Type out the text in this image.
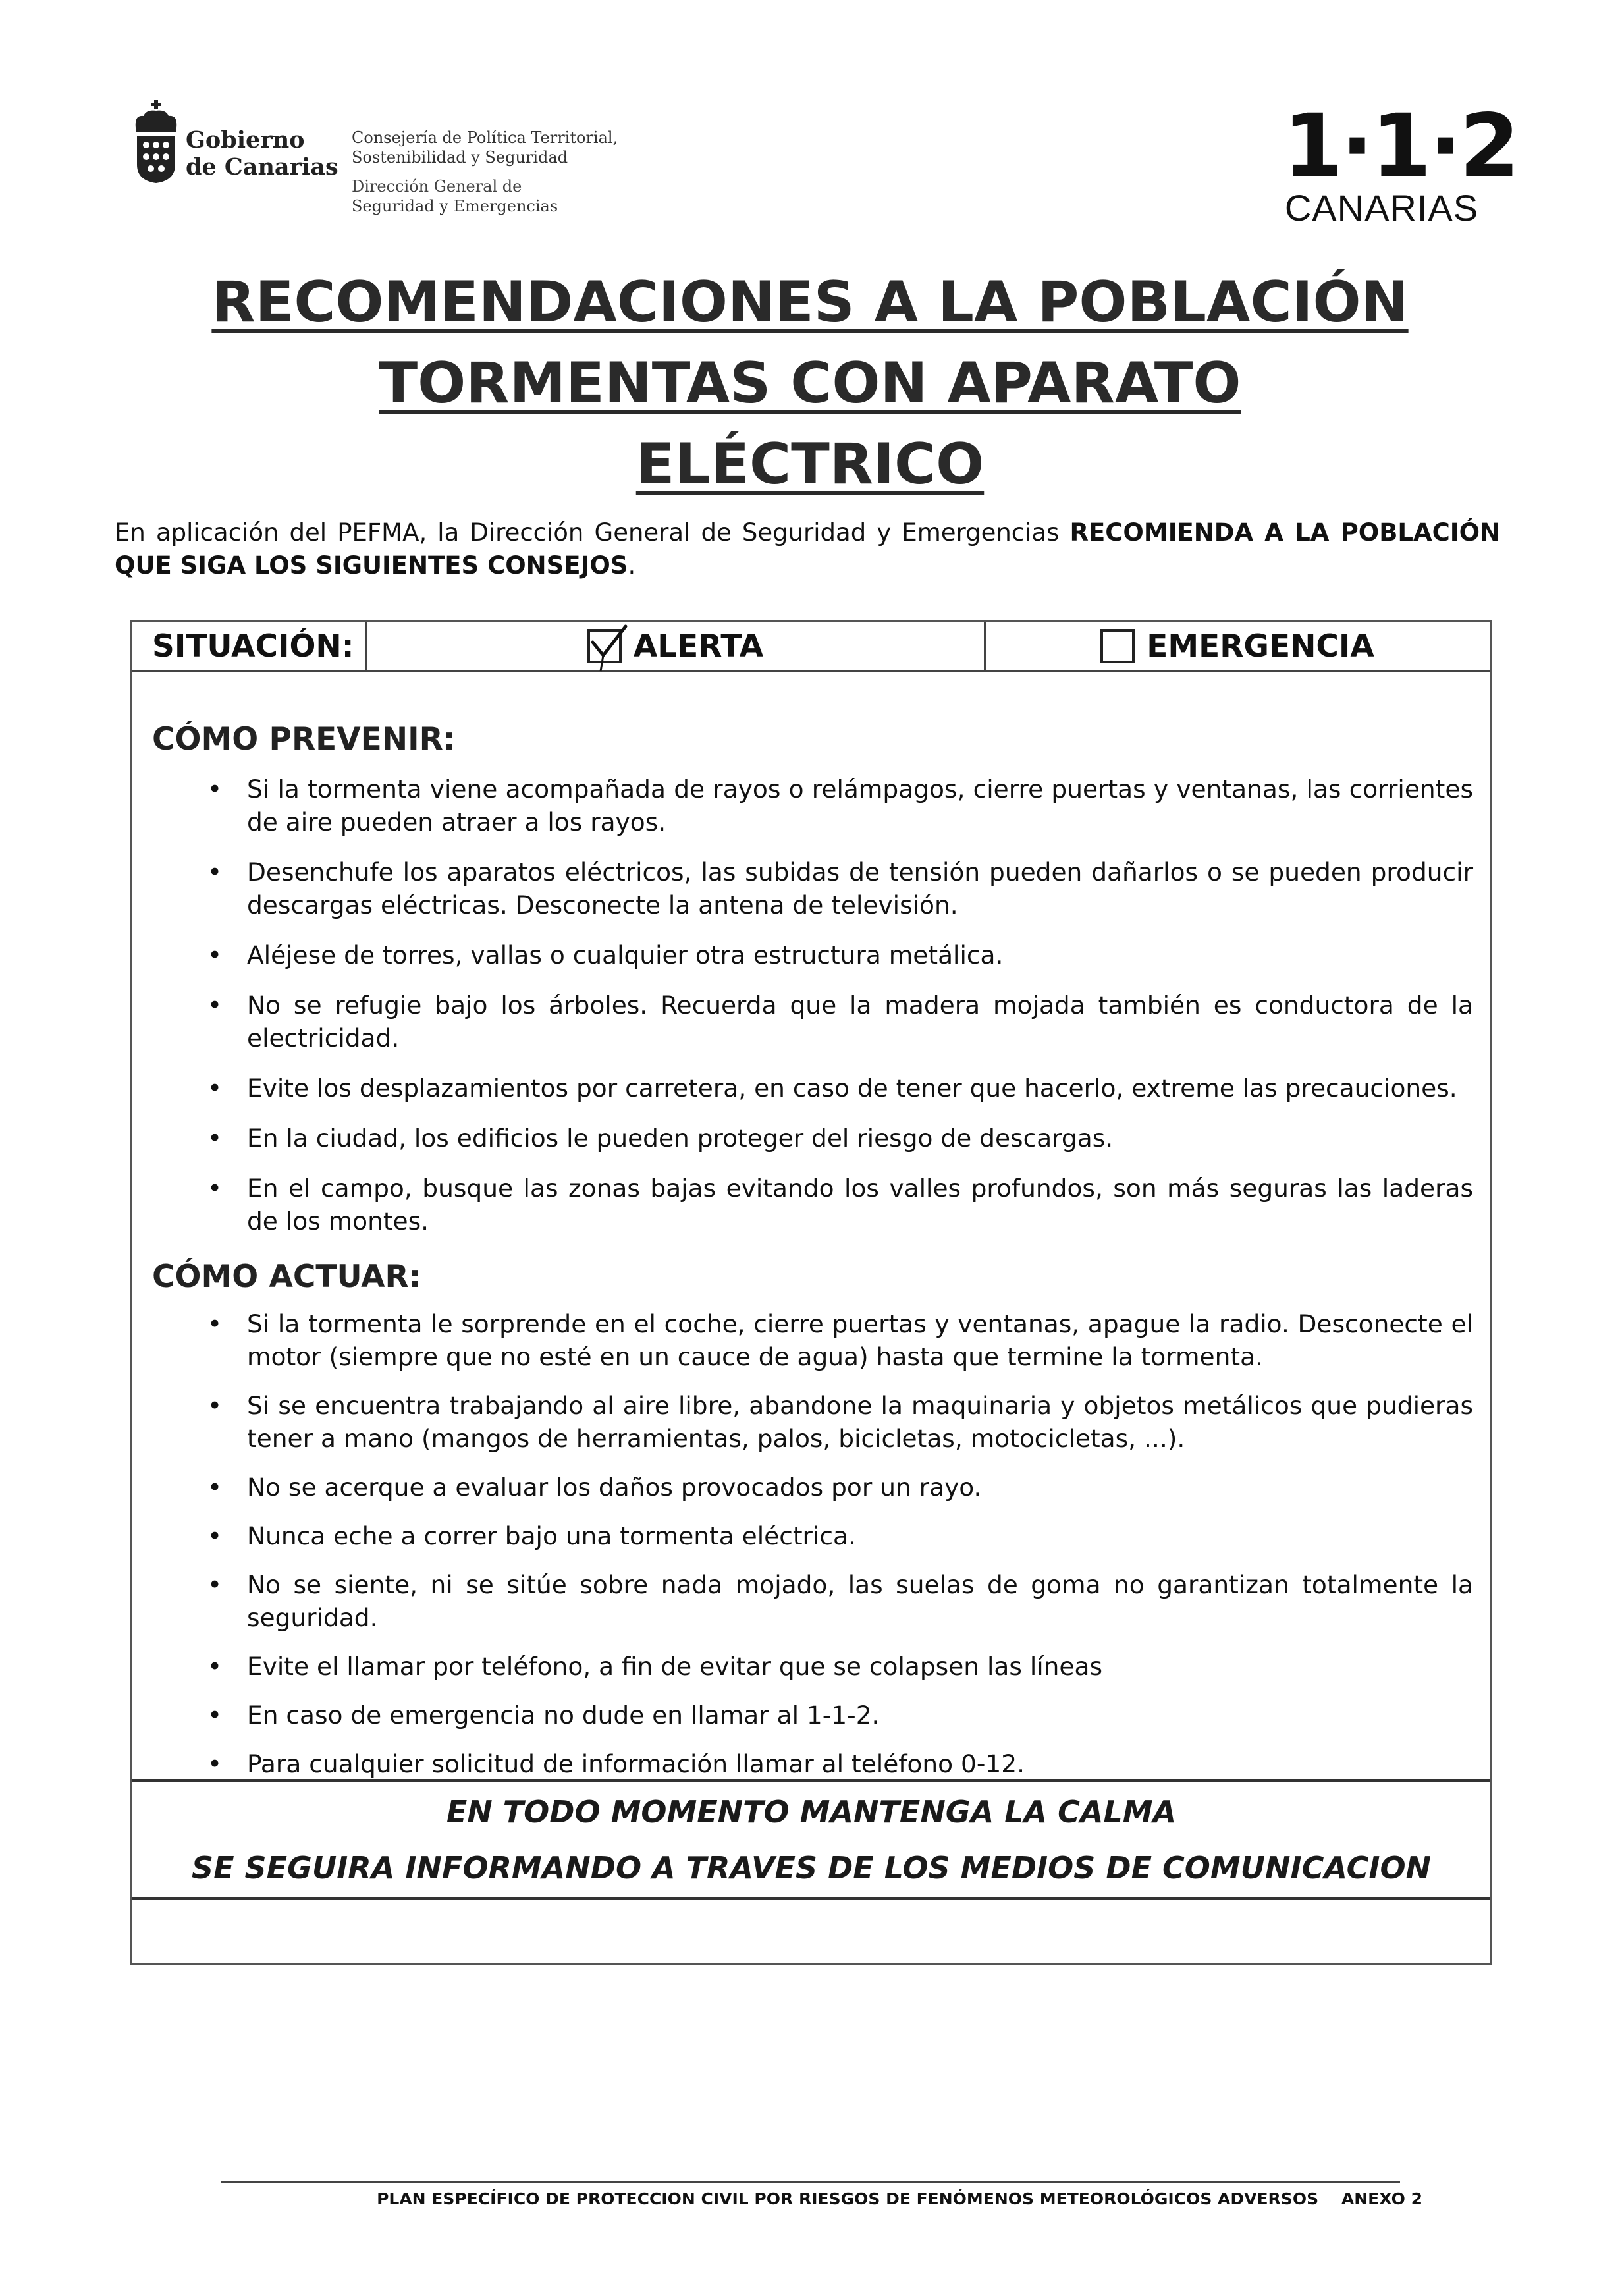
Gobierno
de Canarias
Consejería de Política Territorial,
Sostenibilidad y Seguridad
Dirección General de
Seguridad y Emergencias
1·1·2
CANARIAS
RECOMENDACIONES A LA POBLACIÓN
TORMENTAS CON APARATO
ELÉCTRICO
En aplicación del PEFMA, la Dirección General de Seguridad y Emergencias RECOMIENDA A LA POBLACIÓN QUE SIGA LOS SIGUIENTES CONSEJOS.
SITUACIÓN:	ALERTA	EMERGENCIA
CÓMO PREVENIR:
• Si la tormenta viene acompañada de rayos o relámpagos, cierre puertas y ventanas, las corrientes de aire pueden atraer a los rayos.
• Desenchufe los aparatos eléctricos, las subidas de tensión pueden dañarlos o se pueden producir descargas eléctricas. Desconecte la antena de televisión.
• Aléjese de torres, vallas o cualquier otra estructura metálica.
• No se refugie bajo los árboles. Recuerda que la madera mojada también es conductora de la electricidad.
• Evite los desplazamientos por carretera, en caso de tener que hacerlo, extreme las precauciones.
• En la ciudad, los edificios le pueden proteger del riesgo de descargas.
• En el campo, busque las zonas bajas evitando los valles profundos, son más seguras las laderas de los montes.
CÓMO ACTUAR:
• Si la tormenta le sorprende en el coche, cierre puertas y ventanas, apague la radio. Desconecte el motor (siempre que no esté en un cauce de agua) hasta que termine la tormenta.
• Si se encuentra trabajando al aire libre, abandone la maquinaria y objetos metálicos que pudieras tener a mano (mangos de herramientas, palos, bicicletas, motocicletas, ...).
• No se acerque a evaluar los daños provocados por un rayo.
• Nunca eche a correr bajo una tormenta eléctrica.
• No se siente, ni se sitúe sobre nada mojado, las suelas de goma no garantizan totalmente la seguridad.
• Evite el llamar por teléfono, a fin de evitar que se colapsen las líneas
• En caso de emergencia no dude en llamar al 1-1-2.
• Para cualquier solicitud de información llamar al teléfono 0-12.
EN TODO MOMENTO MANTENGA LA CALMA
SE SEGUIRA INFORMANDO A TRAVES DE LOS MEDIOS DE COMUNICACION
PLAN ESPECÍFICO DE PROTECCION CIVIL POR RIESGOS DE FENÓMENOS METEOROLÓGICOS ADVERSOS ANEXO 2
